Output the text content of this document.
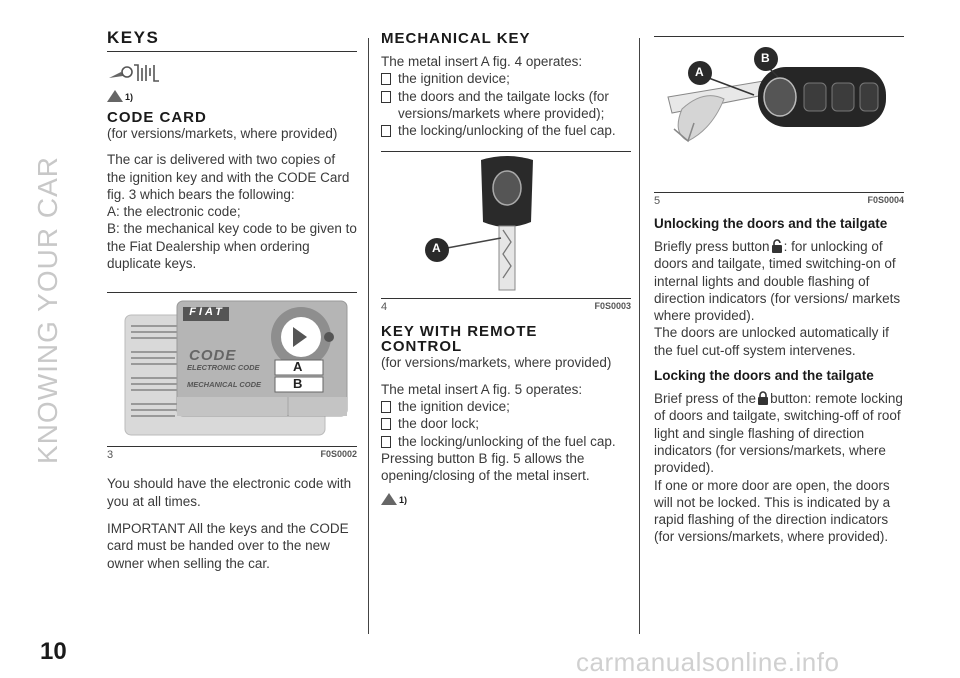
KNOWING YOUR CAR
10	carmanualsonline.info
KEYS
1)
CODE CARD

(for versions/markets, where provided)

The car is delivered with two copies of the ignition key and with the CODE Card fig. 3 which bears the following:

A: the electronic code;

B: the mechanical key code to be given to the Fiat Dealership when ordering duplicate keys.

FIAT
CODE
ELECTRONIC CODE
MECHANICAL CODE
A
B
3	F0S0002

You should have the electronic code with you at all times.

IMPORTANT All the keys and the CODE card must be handed over to the new owner when selling the car.

MECHANICAL KEY

The metal insert A fig. 4 operates:

the ignition device;
the doors and the tailgate locks (for versions/markets where provided);
the locking/unlocking of the fuel cap.
A
4	F0S0003
KEY WITH REMOTE
CONTROL

(for versions/markets, where provided)

The metal insert A fig. 5 operates:

the ignition device;
the door lock;
the locking/unlocking of the fuel cap.

Pressing button B fig. 5 allows the opening/closing of the metal insert.

1)
A
B
5	F0S0004
Unlocking the doors and the tailgate

Briefly press button : for unlocking of doors and tailgate, timed switching-on of internal lights and double flashing of direction indicators (for versions/ markets where provided).

The doors are unlocked automatically if the fuel cut-off system intervenes.

Locking the doors and the tailgate

Brief press of the button: remote locking of doors and tailgate, switching-off of roof light and single flashing of direction indicators (for versions/markets, where provided).

If one or more door are open, the doors will not be locked. This is indicated by a rapid flashing of the direction indicators (for versions/markets, where provided).
